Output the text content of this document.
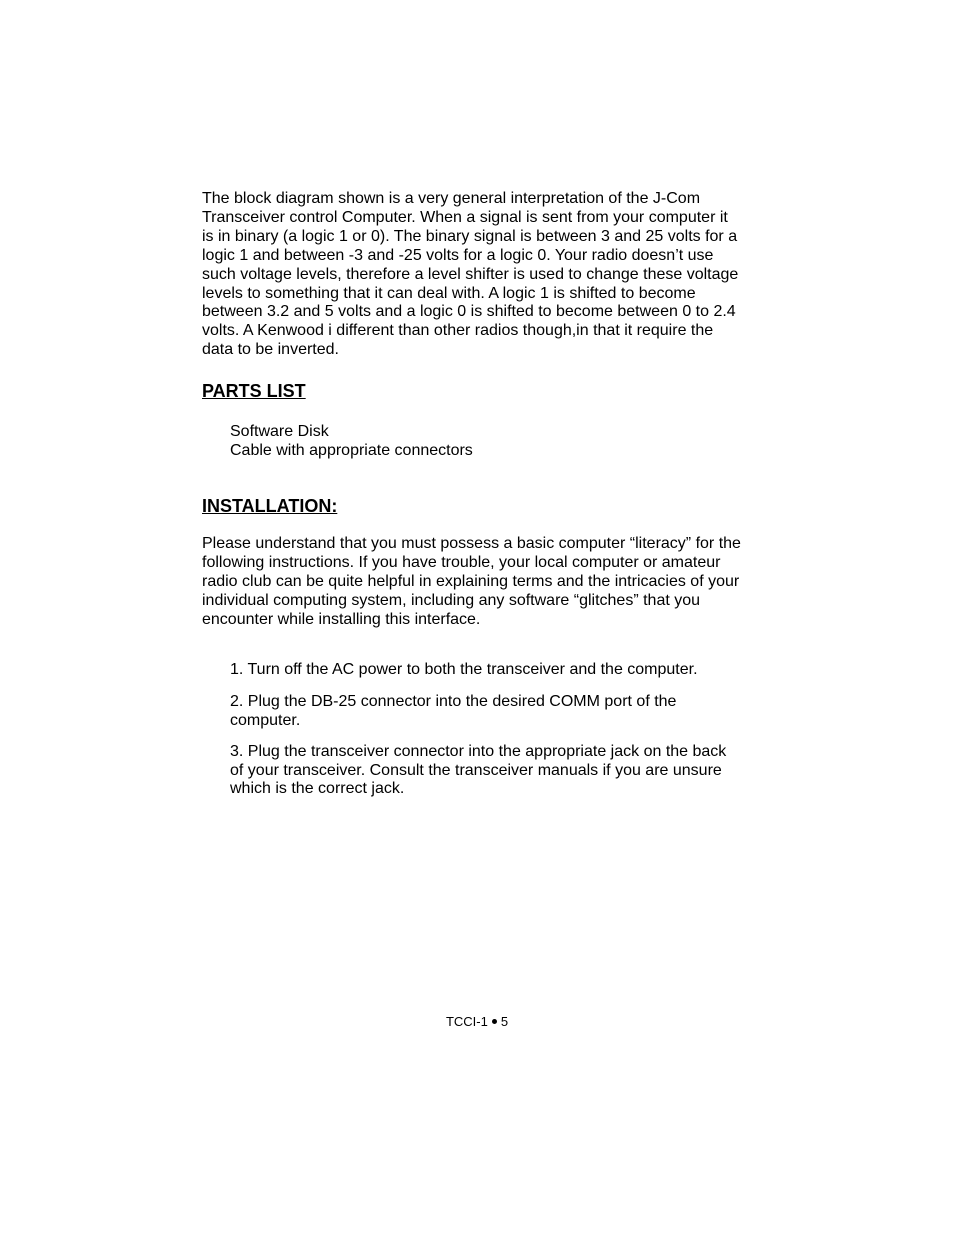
The block diagram shown is a very general interpretation of the J-Com
Transceiver control Computer. When a signal is sent from your computer it
is in binary (a logic 1 or 0). The binary signal is between 3 and 25 volts for a
logic 1 and between -3 and -25 volts for a logic 0. Your radio doesn’t use
such voltage levels, therefore a level shifter is used to change these voltage
levels to something that it can deal with. A logic 1 is shifted to become
between 3.2 and 5 volts and a logic 0 is shifted to become between 0 to 2.4
volts. A Kenwood i different than other radios though,in that it require the
data to be inverted.

PARTS LIST
Software Disk
Cable with appropriate connectors
INSTALLATION:

Please understand that you must possess a basic computer “literacy” for the
following instructions. If you have trouble, your local computer or amateur
radio club can be quite helpful in explaining terms and the intricacies of your
individual computing system, including any software “glitches” that you
encounter while installing this interface.

1. Turn off the AC power to both the transceiver and the computer.

2. Plug the DB-25 connector into the desired COMM port of the
computer.

3. Plug the transceiver connector into the appropriate jack on the back
of your transceiver. Consult the transceiver manuals if you are unsure
which is the correct jack.

TCCI-1 5
